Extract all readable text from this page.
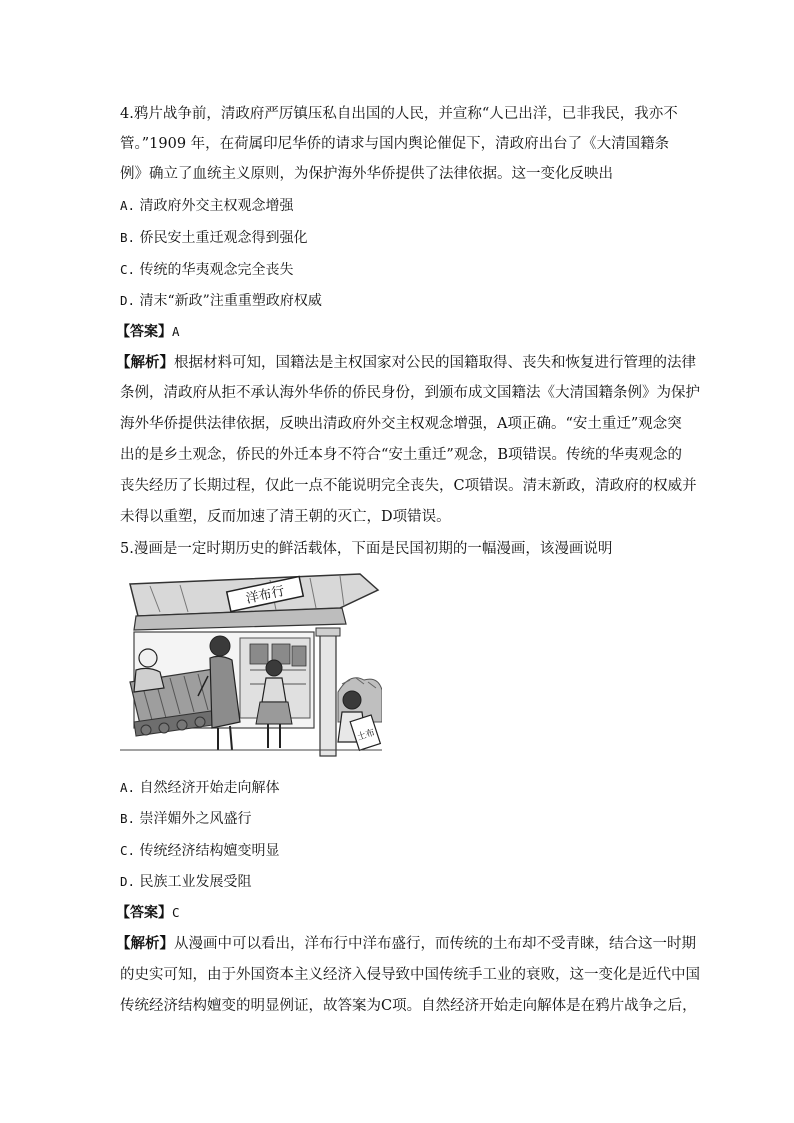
4.鸦片战争前，清政府严厉镇压私自出国的人民，并宣称“人已出洋，已非我民，我亦不
管。”1909 年，在荷属印尼华侨的请求与国内舆论催促下，清政府出台了《大清国籍条
例》确立了血统主义原则，为保护海外华侨提供了法律依据。这一变化反映出
A. 清政府外交主权观念增强
B. 侨民安土重迁观念得到强化
C. 传统的华夷观念完全丧失
D. 清末“新政”注重重塑政府权威
【答案】A
【解析】根据材料可知，国籍法是主权国家对公民的国籍取得、丧失和恢复进行管理的法律
条例，清政府从拒不承认海外华侨的侨民身份，到颁布成文国籍法《大清国籍条例》为保护
海外华侨提供法律依据，反映出清政府外交主权观念增强，A项正确。“安土重迁”观念突
出的是乡土观念，侨民的外迁本身不符合“安土重迁”观念，B项错误。传统的华夷观念的
丧失经历了长期过程，仅此一点不能说明完全丧失，C项错误。清末新政，清政府的权威并
未得以重塑，反而加速了清王朝的灭亡，D项错误。
5.漫画是一定时期历史的鲜活载体，下面是民国初期的一幅漫画，该漫画说明
洋布行
土布
A. 自然经济开始走向解体
B. 崇洋媚外之风盛行
C. 传统经济结构嬗变明显
D. 民族工业发展受阻
【答案】C
【解析】从漫画中可以看出，洋布行中洋布盛行，而传统的土布却不受青睐，结合这一时期
的史实可知，由于外国资本主义经济入侵导致中国传统手工业的衰败，这一变化是近代中国
传统经济结构嬗变的明显例证，故答案为C项。自然经济开始走向解体是在鸦片战争之后，
